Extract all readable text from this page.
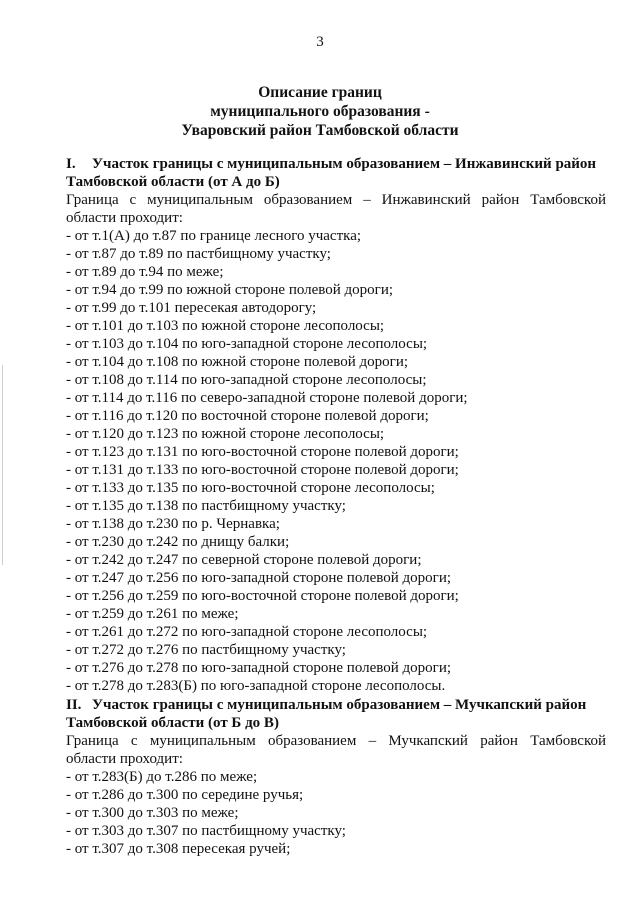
3
Описание границ
муниципального образования -
Уваровский район Тамбовской области
I. Участок границы с муниципальным образованием – Инжавинский район
Тамбовской области (от А до Б)
Граница с муниципальным образованием – Инжавинский район Тамбовской
области проходит:
- от т.1(А) до т.87 по границе лесного участка;
- от т.87 до т.89 по пастбищному участку;
- от т.89 до т.94 по меже;
- от т.94 до т.99 по южной стороне полевой дороги;
- от т.99 до т.101 пересекая автодорогу;
- от т.101 до т.103 по южной стороне лесополосы;
- от т.103 до т.104 по юго-западной стороне лесополосы;
- от т.104 до т.108 по южной стороне полевой дороги;
- от т.108 до т.114 по юго-западной стороне лесополосы;
- от т.114 до т.116 по северо-западной стороне полевой дороги;
- от т.116 до т.120 по восточной стороне полевой дороги;
- от т.120 до т.123 по южной стороне лесополосы;
- от т.123 до т.131 по юго-восточной стороне полевой дороги;
- от т.131 до т.133 по юго-восточной стороне полевой дороги;
- от т.133 до т.135 по юго-восточной стороне лесополосы;
- от т.135 до т.138 по пастбищному участку;
- от т.138 до т.230 по р. Чернавка;
- от т.230 до т.242 по днищу балки;
- от т.242 до т.247 по северной стороне полевой дороги;
- от т.247 до т.256 по юго-западной стороне полевой дороги;
- от т.256 до т.259 по юго-восточной стороне полевой дороги;
- от т.259 до т.261 по меже;
- от т.261 до т.272 по юго-западной стороне лесополосы;
- от т.272 до т.276 по пастбищному участку;
- от т.276 до т.278 по юго-западной стороне полевой дороги;
- от т.278 до т.283(Б) по юго-западной стороне лесополосы.
II. Участок границы с муниципальным образованием – Мучкапский район
Тамбовской области (от Б до В)
Граница с муниципальным образованием – Мучкапский район Тамбовской
области проходит:
- от т.283(Б) до т.286 по меже;
- от т.286 до т.300 по середине ручья;
- от т.300 до т.303 по меже;
- от т.303 до т.307 по пастбищному участку;
- от т.307 до т.308 пересекая ручей;
